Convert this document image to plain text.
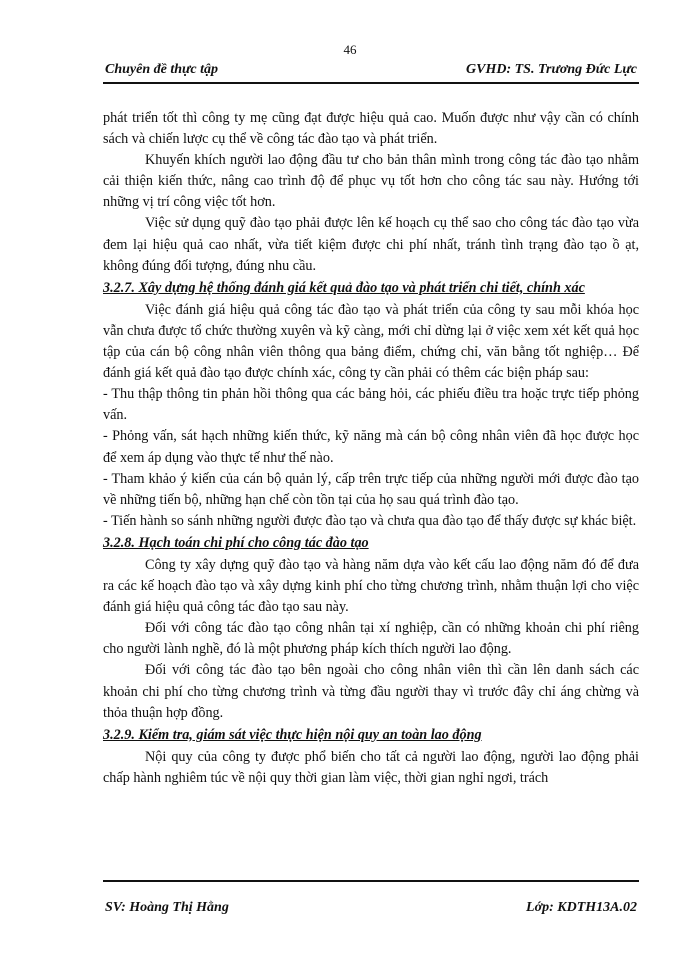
46
Chuyên đề thực tập	GVHD: TS. Trương Đức Lực

phát triển tốt thì công ty mẹ cũng đạt được hiệu quả cao. Muốn được như vậy cần có chính sách và chiến lược cụ thể về công tác đào tạo và phát triển.

Khuyến khích người lao động đầu tư cho bản thân mình trong công tác đào tạo nhằm cải thiện kiến thức, nâng cao trình độ để phục vụ tốt hơn cho công tác sau này. Hướng tới những vị trí công việc tốt hơn.

Việc sử dụng quỹ đào tạo phải được lên kế hoạch cụ thể sao cho công tác đào tạo vừa đem lại hiệu quả cao nhất, vừa tiết kiệm được chi phí nhất, tránh tình trạng đào tạo ồ ạt, không đúng đối tượng, đúng nhu cầu.

3.2.7. Xây dựng hệ thống đánh giá kết quả đào tạo và phát triển chi tiết, chính xác

Việc đánh giá hiệu quả công tác đào tạo và phát triển của công ty sau mỗi khóa học vẫn chưa được tổ chức thường xuyên và kỹ càng, mới chỉ dừng lại ở việc xem xét kết quả học tập của cán bộ công nhân viên thông qua bảng điểm, chứng chỉ, văn bằng tốt nghiệp… Để đánh giá kết quả đào tạo được chính xác, công ty cần phải có thêm các biện pháp sau:

- Thu thập thông tin phản hồi thông qua các bảng hỏi, các phiếu điều tra hoặc trực tiếp phỏng vấn.

- Phỏng vấn, sát hạch những kiến thức, kỹ năng mà cán bộ công nhân viên đã học được học để xem áp dụng vào thực tế như thế nào.

- Tham khảo ý kiến của cán bộ quản lý, cấp trên trực tiếp của những người mới được đào tạo về những tiến bộ, những hạn chế còn tồn tại của họ sau quá trình đào tạo.

- Tiến hành so sánh những người được đào tạo và chưa qua đào tạo để thấy được sự khác biệt.

3.2.8. Hạch toán chi phí cho công tác đào tạo

Công ty xây dựng quỹ đào tạo và hàng năm dựa vào kết cấu lao động năm đó để đưa ra các kế hoạch đào tạo và xây dựng kinh phí cho từng chương trình, nhằm thuận lợi cho việc đánh giá hiệu quả công tác đào tạo sau này.

Đối với công tác đào tạo công nhân tại xí nghiệp, cần có những khoản chi phí riêng cho người lành nghề, đó là một phương pháp kích thích người lao động.

Đối với công tác đào tạo bên ngoài cho công nhân viên thì cần lên danh sách các khoản chi phí cho từng chương trình và từng đầu người thay vì trước đây chỉ áng chừng và thỏa thuận hợp đồng.

3.2.9. Kiểm tra, giám sát việc thực hiện nội quy an toàn lao động

Nội quy của công ty được phổ biến cho tất cả người lao động, người lao động phải chấp hành nghiêm túc về nội quy thời gian làm việc, thời gian nghỉ ngơi, trách

SV: Hoàng Thị Hằng	Lớp: KDTH13A.02
